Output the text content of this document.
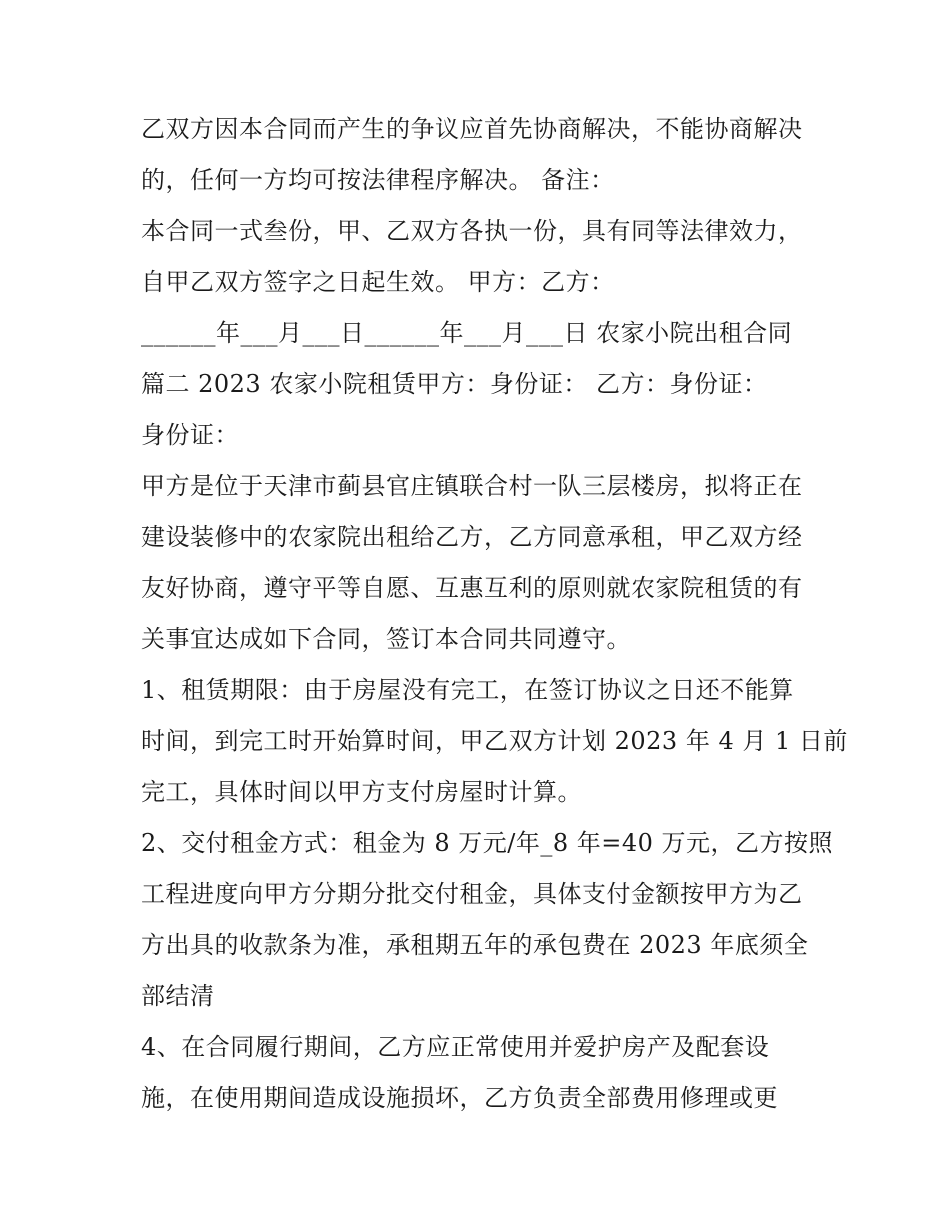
乙双方因本合同而产生的争议应首先协商解决，不能协商解决
的，任何一方均可按法律程序解决。 备注：
本合同一式叁份，甲、乙双方各执一份，具有同等法律效力，
自甲乙双方签字之日起生效。 甲方：乙方：
______年___月___日______年___月___日 农家小院出租合同
篇二 2023 农家小院租赁甲方：身份证： 乙方：身份证：
身份证：
甲方是位于天津市蓟县官庄镇联合村一队三层楼房，拟将正在
建设装修中的农家院出租给乙方，乙方同意承租，甲乙双方经
友好协商，遵守平等自愿、互惠互利的原则就农家院租赁的有
关事宜达成如下合同，签订本合同共同遵守。
1、租赁期限：由于房屋没有完工，在签订协议之日还不能算
时间，到完工时开始算时间，甲乙双方计划 2023 年 4 月 1 日前
完工，具体时间以甲方支付房屋时计算。
2、交付租金方式：租金为 8 万元/年_8 年=40 万元，乙方按照
工程进度向甲方分期分批交付租金，具体支付金额按甲方为乙
方出具的收款条为准，承租期五年的承包费在 2023 年底须全
部结清
4、在合同履行期间，乙方应正常使用并爱护房产及配套设
施，在使用期间造成设施损坏，乙方负责全部费用修理或更
